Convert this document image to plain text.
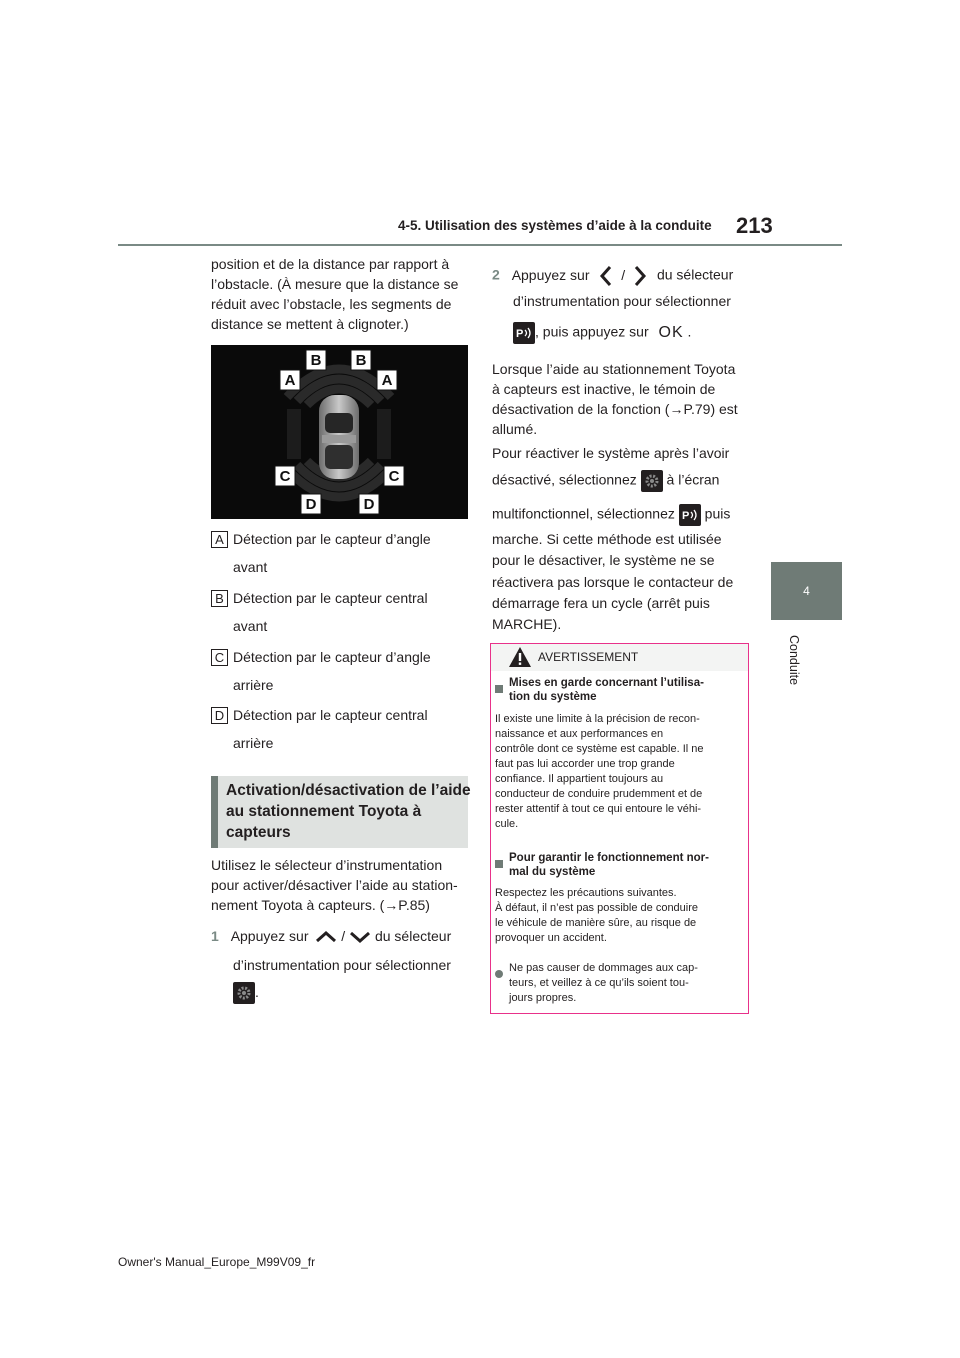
4-5. Utilisation des systèmes d’aide à la conduite 213
4
Conduite
position et de la distance par rapport à
l’obstacle. (À mesure que la distance se
réduit avec l’obstacle, les segments de
distance se mettent à clignoter.)
B B
A	A
C	C
D	D
A Détection par le capteur d’angle
avant
B Détection par le capteur central
avant
C Détection par le capteur d’angle
arrière
D Détection par le capteur central
arrière
Activation/désactivation de l’aide au stationnement Toyota à capteurs
Utilisez le sélecteur d’instrumentation
pour activer/désactiver l’aide au station-
nement Toyota à capteurs. (→P.85)
1 Appuyez sur / du sélecteur
d’instrumentation pour sélectionner
.
2 Appuyez sur / du sélecteur
d’instrumentation pour sélectionner
P , puis appuyez sur OK .
Lorsque l’aide au stationnement Toyota
à capteurs est inactive, le témoin de
désactivation de la fonction (→P.79) est
allumé.
Pour réactiver le système après l’avoir
désactivé, sélectionnez à l’écran
multifonctionnel, sélectionnez P puis
marche. Si cette méthode est utilisée
pour le désactiver, le système ne se
réactivera pas lorsque le contacteur de
démarrage fera un cycle (arrêt puis
MARCHE).
AVERTISSEMENT
Mises en garde concernant l’utilisa-
tion du système
Il existe une limite à la précision de recon-
naissance et aux performances en
contrôle dont ce système est capable. Il ne
faut pas lui accorder une trop grande
confiance. Il appartient toujours au
conducteur de conduire prudemment et de
rester attentif à tout ce qui entoure le véhi-
cule.
Pour garantir le fonctionnement nor-
mal du système
Respectez les précautions suivantes.
À défaut, il n’est pas possible de conduire
le véhicule de manière sûre, au risque de
provoquer un accident.
Ne pas causer de dommages aux cap-
teurs, et veillez à ce qu’ils soient tou-
jours propres.
Owner's Manual_Europe_M99V09_fr
